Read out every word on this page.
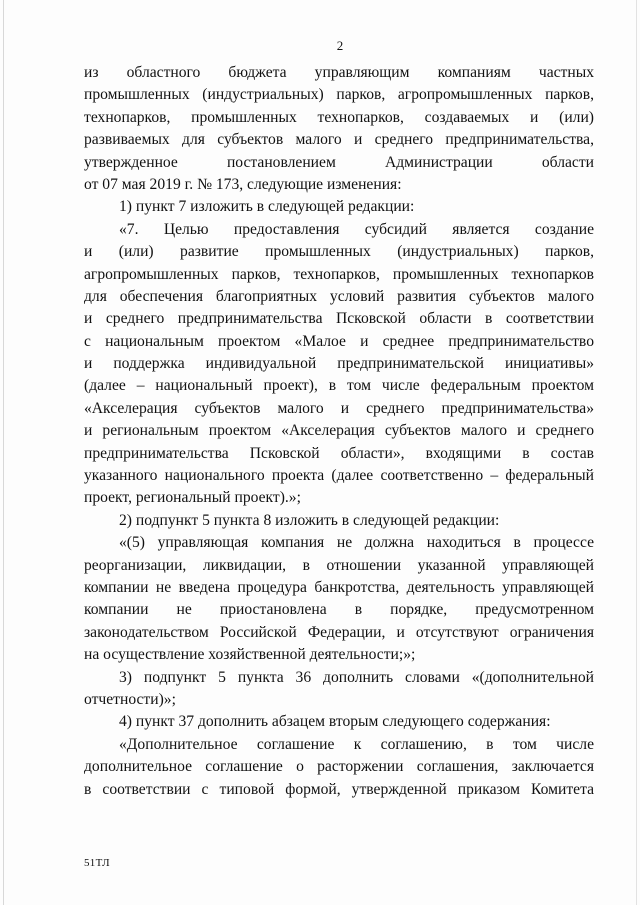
2
из областного бюджета управляющим компаниям частных
промышленных (индустриальных) парков, агропромышленных парков,
технопарков, промышленных технопарков, создаваемых и (или)
развиваемых для субъектов малого и среднего предпринимательства,
утвержденное постановлением Администрации области
от 07 мая 2019 г. № 173, следующие изменения:
1) пункт 7 изложить в следующей редакции:
«7. Целью предоставления субсидий является создание
и (или) развитие промышленных (индустриальных) парков,
агропромышленных парков, технопарков, промышленных технопарков
для обеспечения благоприятных условий развития субъектов малого
и среднего предпринимательства Псковской области в соответствии
с национальным проектом «Малое и среднее предпринимательство
и поддержка индивидуальной предпринимательской инициативы»
(далее – национальный проект), в том числе федеральным проектом
«Акселерация субъектов малого и среднего предпринимательства»
и региональным проектом «Акселерация субъектов малого и среднего
предпринимательства Псковской области», входящими в состав
указанного национального проекта (далее соответственно – федеральный
проект, региональный проект).»;
2) подпункт 5 пункта 8 изложить в следующей редакции:
«(5) управляющая компания не должна находиться в процессе
реорганизации, ликвидации, в отношении указанной управляющей
компании не введена процедура банкротства, деятельность управляющей
компании не приостановлена в порядке, предусмотренном
законодательством Российской Федерации, и отсутствуют ограничения
на осуществление хозяйственной деятельности;»;
3) подпункт 5 пункта 36 дополнить словами «(дополнительной
отчетности)»;
4) пункт 37 дополнить абзацем вторым следующего содержания:
«Дополнительное соглашение к соглашению, в том числе
дополнительное соглашение о расторжении соглашения, заключается
в соответствии с типовой формой, утвержденной приказом Комитета
51ТЛ
